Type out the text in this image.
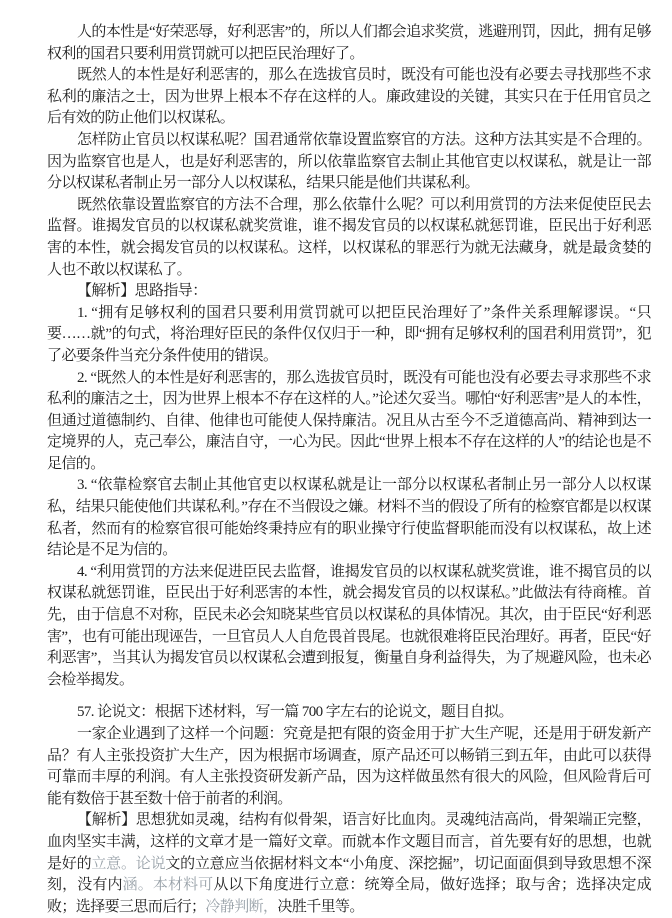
人的本性是“好荣恶辱，好利恶害”的，所以人们都会追求奖赏，逃避刑罚，因此，拥有足够权利的国君只要利用赏罚就可以把臣民治理好了。

既然人的本性是好利恶害的，那么在选拔官员时，既没有可能也没有必要去寻找那些不求私利的廉洁之士，因为世界上根本不存在这样的人。廉政建设的关键，其实只在于任用官员之后有效的防止他们以权谋私。

怎样防止官员以权谋私呢？国君通常依靠设置监察官的方法。这种方法其实是不合理的。因为监察官也是人，也是好利恶害的，所以依靠监察官去制止其他官吏以权谋私，就是让一部分以权谋私者制止另一部分人以权谋私，结果只能是他们共谋私利。

既然依靠设置监察官的方法不合理，那么依靠什么呢？可以利用赏罚的方法来促使臣民去监督。谁揭发官员的以权谋私就奖赏谁，谁不揭发官员的以权谋私就惩罚谁，臣民出于好利恶害的本性，就会揭发官员的以权谋私。这样，以权谋私的罪恶行为就无法藏身，就是最贪婪的人也不敢以权谋私了。

【解析】思路指导：

1. “拥有足够权利的国君只要利用赏罚就可以把臣民治理好了”条件关系理解谬误。“只要……就”的句式，将治理好臣民的条件仅仅归于一种，即“拥有足够权利的国君利用赏罚”，犯了必要条件当充分条件使用的错误。

2. “既然人的本性是好利恶害的，那么选拔官员时，既没有可能也没有必要去寻求那些不求私利的廉洁之士，因为世界上根本不存在这样的人。”论述欠妥当。哪怕“好利恶害”是人的本性，但通过道德制约、自律、他律也可能使人保持廉洁。况且从古至今不乏道德高尚、精神到达一定境界的人，克己奉公，廉洁自守，一心为民。因此“世界上根本不存在这样的人”的结论也是不足信的。

3. “依靠检察官去制止其他官吏以权谋私就是让一部分以权谋私者制止另一部分人以权谋私，结果只能使他们共谋私利。”存在不当假设之嫌。材料不当的假设了所有的检察官都是以权谋私者，然而有的检察官很可能始终秉持应有的职业操守行使监督职能而没有以权谋私，故上述结论是不足为信的。

4. “利用赏罚的方法来促进臣民去监督，谁揭发官员的以权谋私就奖赏谁，谁不揭官员的以权谋私就惩罚谁，臣民出于好利恶害的本性，就会揭发官员的以权谋私。”此做法有待商榷。首先，由于信息不对称，臣民未必会知晓某些官员以权谋私的具体情况。其次，由于臣民“好利恶害”，也有可能出现诬告，一旦官员人人自危畏首畏尾。也就很难将臣民治理好。再者，臣民“好利恶害”，当其认为揭发官员以权谋私会遭到报复，衡量自身利益得失，为了规避风险，也未必会检举揭发。

57. 论说文：根据下述材料，写一篇 700 字左右的论说文，题目自拟。

一家企业遇到了这样一个问题：究竟是把有限的资金用于扩大生产呢，还是用于研发新产品？有人主张投资扩大生产，因为根据市场调查，原产品还可以畅销三到五年，由此可以获得可靠而丰厚的利润。有人主张投资研发新产品，因为这样做虽然有很大的风险，但风险背后可能有数倍于甚至数十倍于前者的利润。

【解析】思想犹如灵魂，结构有似骨架，语言好比血肉。灵魂纯洁高尚，骨架端正完整，血肉坚实丰满，这样的文章才是一篇好文章。而就本作文题目而言，首先要有好的思想，也就是好的立意。论说文的立意应当依据材料文本“小角度、深挖掘”，切记面面俱到导致思想不深刻，没有内涵。本材料可从以下角度进行立意：统筹全局，做好选择；取与舍；选择决定成败；选择要三思而后行；冷静判断，决胜千里等。
